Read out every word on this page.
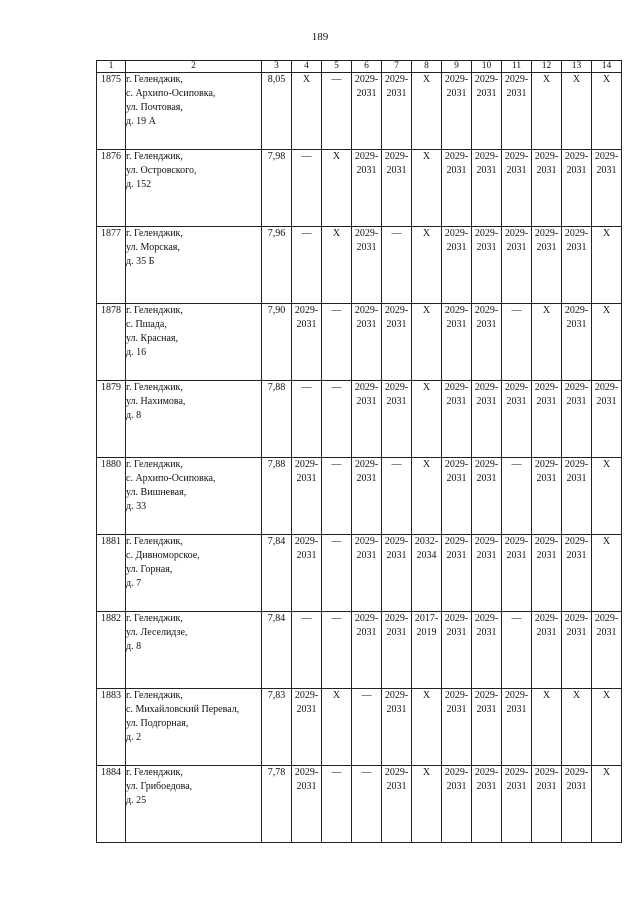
189
1	2	3	4	5	6	7	8	9	10	11	12	13	14
1875	г. Геленджик,
с. Архипо-Осиповка,
ул. Почтовая,
д. 19 А	8,05	Х	—	2029-
2031	2029-
2031	Х	2029-
2031	2029-
2031	2029-
2031	Х	Х	Х

1876	г. Геленджик,
ул. Островского,
д. 152	7,98	—	Х	2029-
2031	2029-
2031	Х	2029-
2031	2029-
2031	2029-
2031	2029-
2031	2029-
2031	2029-
2031

1877	г. Геленджик,
ул. Морская,
д. 35 Б	7,96	—	Х	2029-
2031	—	Х	2029-
2031	2029-
2031	2029-
2031	2029-
2031	2029-
2031	Х

1878	г. Геленджик,
с. Пшада,
ул. Красная,
д. 16	7,90	2029-
2031	—	2029-
2031	2029-
2031	Х	2029-
2031	2029-
2031	—	Х	2029-
2031	Х

1879	г. Геленджик,
ул. Нахимова,
д. 8	7,88	—	—	2029-
2031	2029-
2031	Х	2029-
2031	2029-
2031	2029-
2031	2029-
2031	2029-
2031	2029-
2031

1880	г. Геленджик,
с. Архипо-Осиповка,
ул. Вишневая,
д. 33	7,88	2029-
2031	—	2029-
2031	—	Х	2029-
2031	2029-
2031	—	2029-
2031	2029-
2031	Х

1881	г. Геленджик,
с. Дивноморское,
ул. Горная,
д. 7	7,84	2029-
2031	—	2029-
2031	2029-
2031	2032-
2034	2029-
2031	2029-
2031	2029-
2031	2029-
2031	2029-
2031	Х

1882	г. Геленджик,
ул. Леселидзе,
д. 8	7,84	—	—	2029-
2031	2029-
2031	2017-
2019	2029-
2031	2029-
2031	—	2029-
2031	2029-
2031	2029-
2031

1883	г. Геленджик,
с. Михайловский Перевал,
ул. Подгорная,
д. 2	7,83	2029-
2031	Х	—	2029-
2031	Х	2029-
2031	2029-
2031	2029-
2031	Х	Х	Х

1884	г. Геленджик,
ул. Грибоедова,
д. 25	7,78	2029-
2031	—	—	2029-
2031	Х	2029-
2031	2029-
2031	2029-
2031	2029-
2031	2029-
2031	Х
